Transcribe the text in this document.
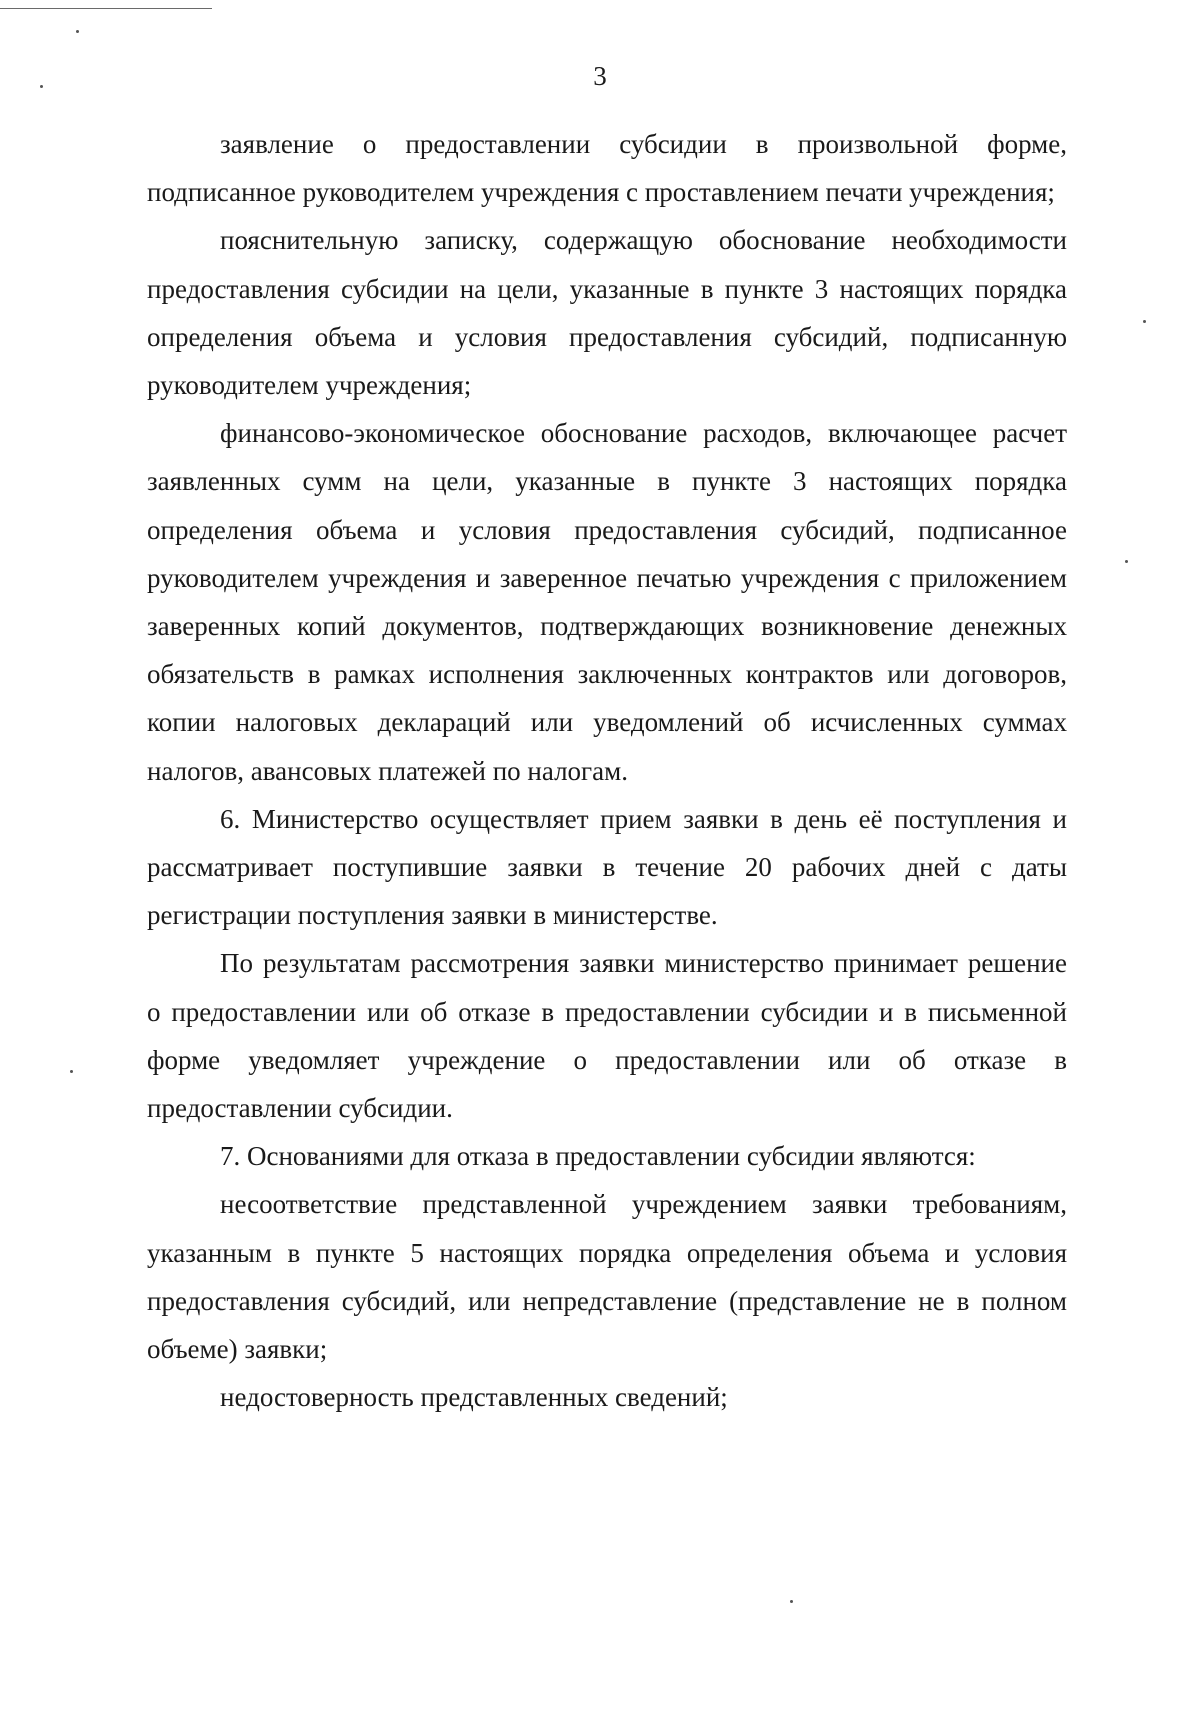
3

заявление о предоставлении субсидии в произвольной форме, подписанное руководителем учреждения с проставлением печати учреждения;

пояснительную записку, содержащую обоснование необходимости предоставления субсидии на цели, указанные в пункте 3 настоящих порядка определения объема и условия предоставления субсидий, подписанную руководителем учреждения;

финансово-экономическое обоснование расходов, включающее расчет заявленных сумм на цели, указанные в пункте 3 настоящих порядка определения объема и условия предоставления субсидий, подписанное руководителем учреждения и заверенное печатью учреждения с приложением заверенных копий документов, подтверждающих возникновение денежных обязательств в рамках исполнения заключенных контрактов или договоров, копии налоговых деклараций или уведомлений об исчисленных суммах налогов, авансовых платежей по налогам.

6. Министерство осуществляет прием заявки в день её поступления и рассматривает поступившие заявки в течение 20 рабочих дней с даты регистрации поступления заявки в министерстве.

По результатам рассмотрения заявки министерство принимает решение о предоставлении или об отказе в предоставлении субсидии и в письменной форме уведомляет учреждение о предоставлении или об отказе в предоставлении субсидии.

7. Основаниями для отказа в предоставлении субсидии являются:

несоответствие представленной учреждением заявки требованиям, указанным в пункте 5 настоящих порядка определения объема и условия предоставления субсидий, или непредставление (представление не в полном объеме) заявки;

недостоверность представленных сведений;
